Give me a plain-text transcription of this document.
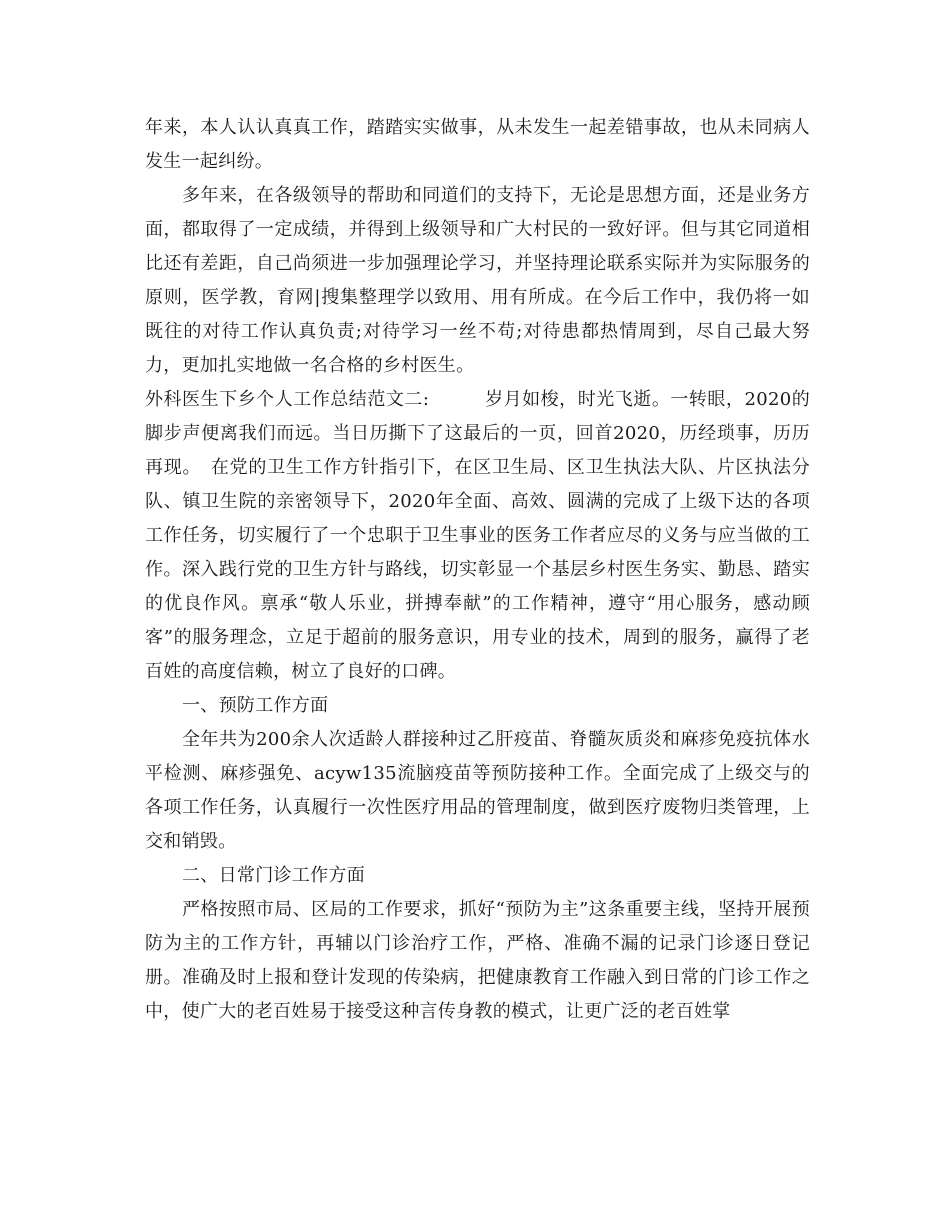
年来，本人认认真真工作，踏踏实实做事，从未发生一起差错事故，也从未同病人发生一起纠纷。

多年来，在各级领导的帮助和同道们的支持下，无论是思想方面，还是业务方面，都取得了一定成绩，并得到上级领导和广大村民的一致好评。但与其它同道相比还有差距，自己尚须进一步加强理论学习，并坚持理论联系实际并为实际服务的原则，医学教，育网|搜集整理学以致用、用有所成。在今后工作中，我仍将一如既往的对待工作认真负责;对待学习一丝不苟;对待患都热情周到，尽自己最大努力，更加扎实地做一名合格的乡村医生。

外科医生下乡个人工作总结范文二:　　　岁月如梭，时光飞逝。一转眼，2020的脚步声便离我们而远。当日历撕下了这最后的一页，回首2020，历经琐事，历历再现。　在党的卫生工作方针指引下，在区卫生局、区卫生执法大队、片区执法分队、镇卫生院的亲密领导下，2020年全面、高效、圆满的完成了上级下达的各项工作任务，切实履行了一个忠职于卫生事业的医务工作者应尽的义务与应当做的工作。深入践行党的卫生方针与路线，切实彰显一个基层乡村医生务实、勤恳、踏实的优良作风。禀承“敬人乐业，拼搏奉献”的工作精神，遵守“用心服务，感动顾客”的服务理念，立足于超前的服务意识，用专业的技术，周到的服务，赢得了老百姓的高度信赖，树立了良好的口碑。

一、预防工作方面

全年共为200余人次适龄人群接种过乙肝疫苗、脊髓灰质炎和麻疹免疫抗体水平检测、麻疹强免、acyw135流脑疫苗等预防接种工作。全面完成了上级交与的各项工作任务，认真履行一次性医疗用品的管理制度，做到医疗废物归类管理，上交和销毁。

二、日常门诊工作方面

严格按照市局、区局的工作要求，抓好“预防为主”这条重要主线，坚持开展预防为主的工作方针，再辅以门诊治疗工作，严格、准确不漏的记录门诊逐日登记册。准确及时上报和登计发现的传染病，把健康教育工作融入到日常的门诊工作之中，使广大的老百姓易于接受这种言传身教的模式，让更广泛的老百姓掌
